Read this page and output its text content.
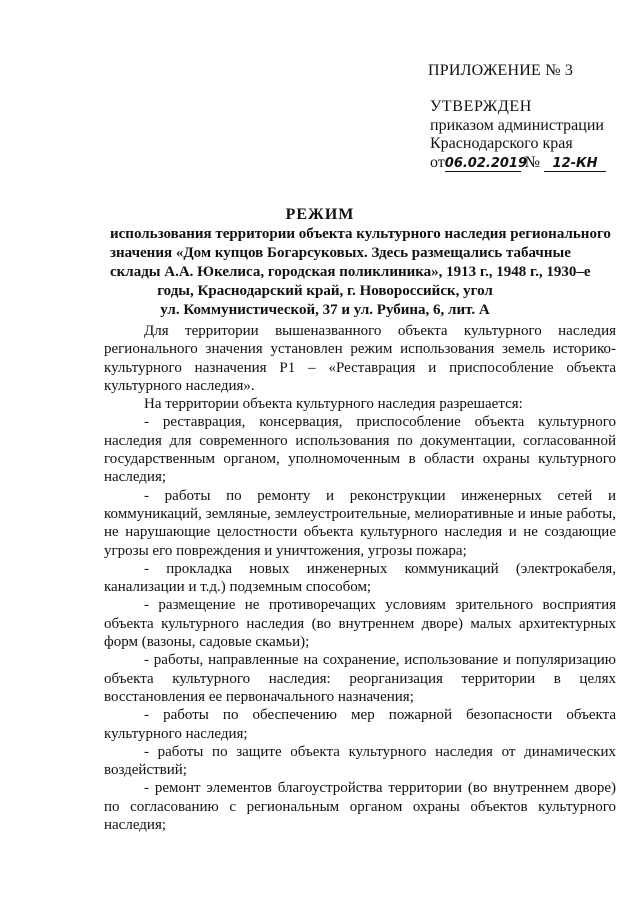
ПРИЛОЖЕНИЕ № 3
УТВЕРЖДЕН
приказом администрации
Краснодарского края
от06.02.2019 № 12-КН
РЕЖИМ
использования территории объекта культурного наследия регионального
значения «Дом купцов Богарсуковых. Здесь размещались табачные
склады А.А. Юкелиса, городская поликлиника», 1913 г., 1948 г., 1930–е
годы, Краснодарский край, г. Новороссийск, угол
ул. Коммунистической, 37 и ул. Рубина, 6, лит. А

Для территории вышеназванного объекта культурного наследия регионального значения установлен режим использования земель историко-культурного назначения Р1 – «Реставрация и приспособление объекта культурного наследия».

На территории объекта культурного наследия разрешается:

- реставрация, консервация, приспособление объекта культурного наследия для современного использования по документации, согласованной государственным органом, уполномоченным в области охраны культурного наследия;

- работы по ремонту и реконструкции инженерных сетей и коммуникаций, земляные, землеустроительные, мелиоративные и иные работы, не нарушающие целостности объекта культурного наследия и не создающие угрозы его повреждения и уничтожения, угрозы пожара;

- прокладка новых инженерных коммуникаций (электрокабеля, канализации и т.д.) подземным способом;

- размещение не противоречащих условиям зрительного восприятия объекта культурного наследия (во внутреннем дворе) малых архитектурных форм (вазоны, садовые скамьи);

- работы, направленные на сохранение, использование и популяризацию объекта культурного наследия: реорганизация территории в целях восстановления ее первоначального назначения;

- работы по обеспечению мер пожарной безопасности объекта культурного наследия;

- работы по защите объекта культурного наследия от динамических воздействий;

- ремонт элементов благоустройства территории (во внутреннем дворе) по согласованию с региональным органом охраны объектов культурного наследия;
